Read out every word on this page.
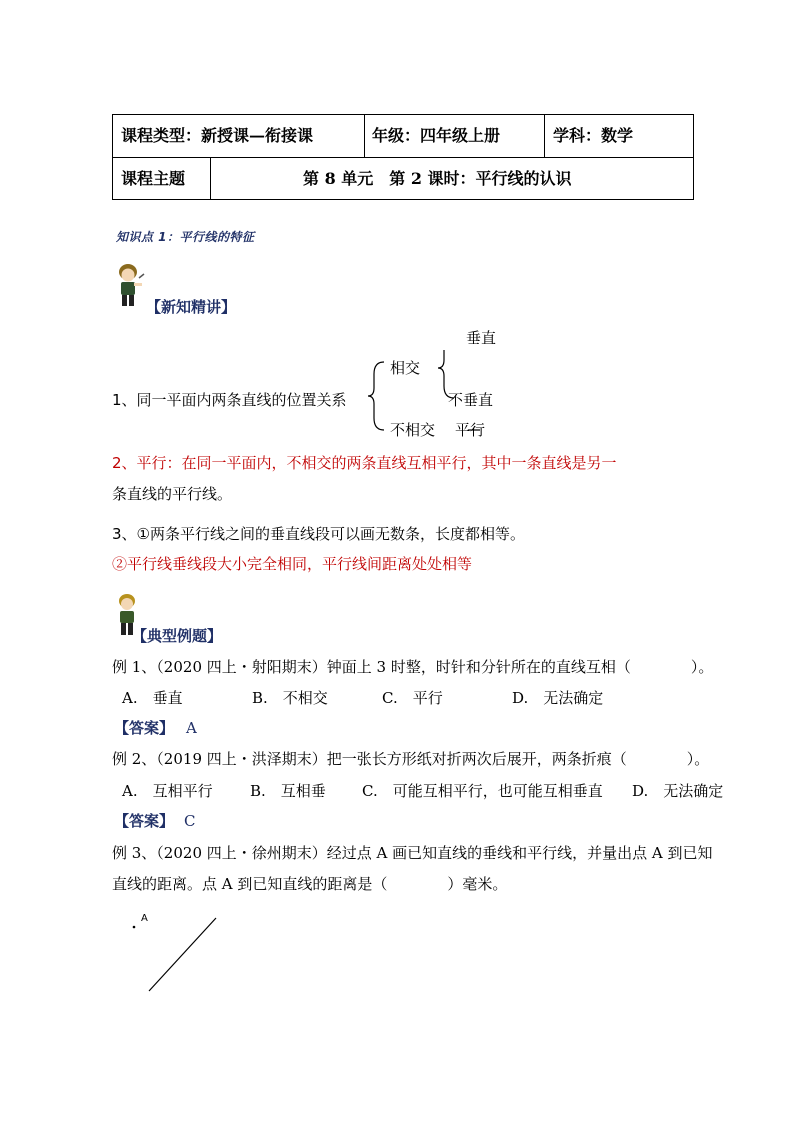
课程类型：新授课—衔接课	年级：四年级上册	学科：数学
课程主题	第 8 单元　第 2 课时：平行线的认识
知识点 1：平行线的特征
【新知精讲】
1、同一平面内两条直线的位置关系
相交
不相交
垂直
不垂直
平行
2、平行：在同一平面内，不相交的两条直线互相平行，其中一条直线是另一
条直线的平行线。
3、①两条平行线之间的垂直线段可以画无数条，长度都相等。
②平行线垂线段大小完全相同，平行线间距离处处相等
【典型例题】
例 1、（2020 四上・射阳期末）钟面上 3 时整，时针和分针所在的直线互相（　　　　）。
A.　垂直	B.　不相交	C.　平行	D.　无法确定
【答案】 A
例 2、（2019 四上・洪泽期末）把一张长方形纸对折两次后展开，两条折痕（　　　　）。
A.　互相平行 B.　互相垂 C.　可能互相平行，也可能互相垂直 D.　无法确定
【答案】 C
例 3、（2020 四上・徐州期末）经过点 A 画已知直线的垂线和平行线，并量出点 A 到已知
直线的距离。点 A 到已知直线的距离是（　　　　）毫米。
A
